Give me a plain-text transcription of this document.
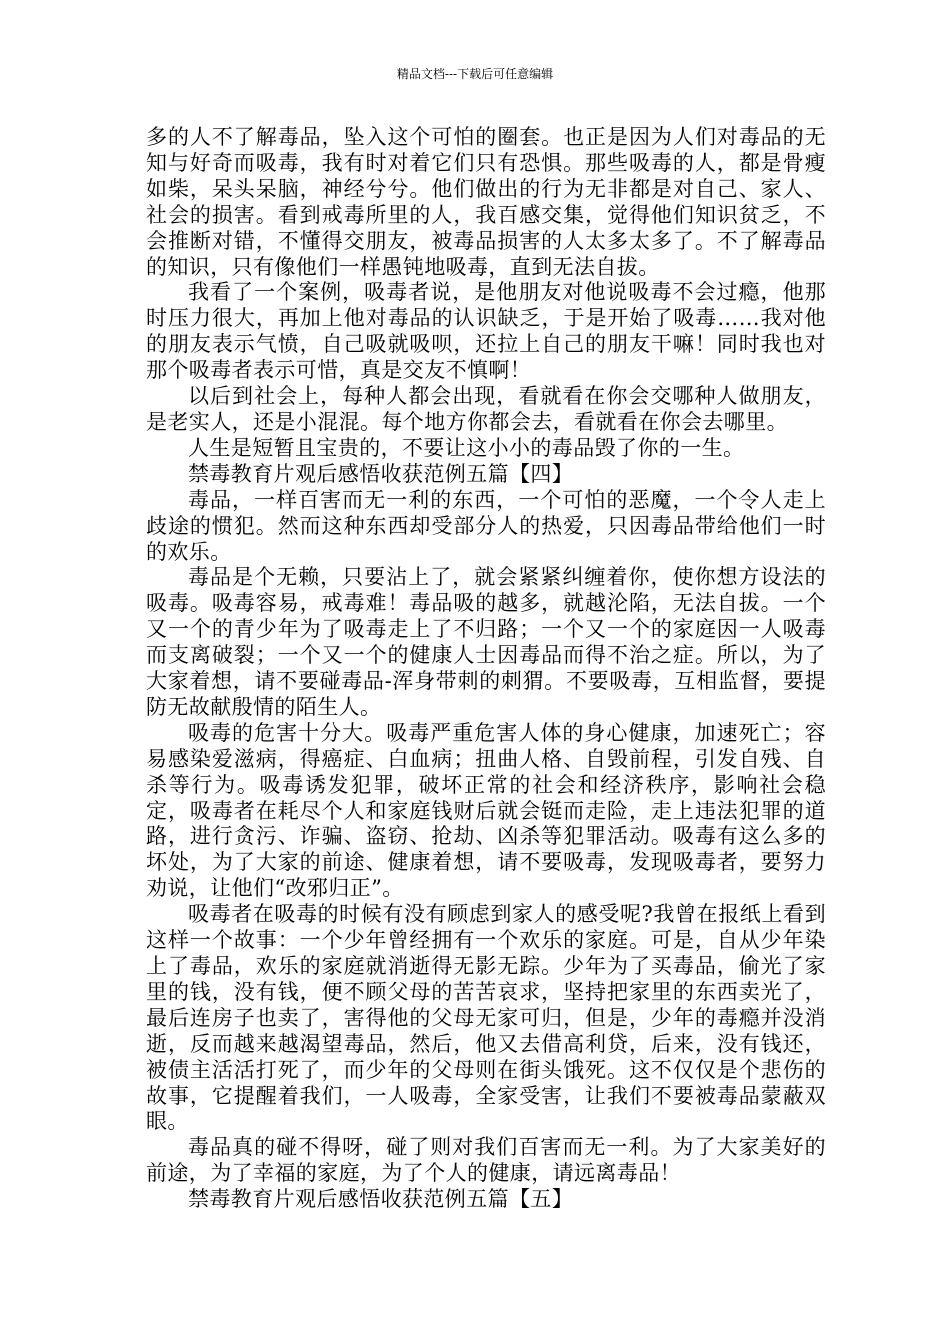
精品文档---下载后可任意编辑

多的人不了解毒品，坠入这个可怕的圈套。也正是因为人们对毒品的无知与好奇而吸毒，我有时对着它们只有恐惧。那些吸毒的人，都是骨瘦如柴，呆头呆脑，神经兮兮。他们做出的行为无非都是对自己、家人、社会的损害。看到戒毒所里的人，我百感交集，觉得他们知识贫乏，不会推断对错，不懂得交朋友，被毒品损害的人太多太多了。不了解毒品的知识，只有像他们一样愚钝地吸毒，直到无法自拔。

我看了一个案例，吸毒者说，是他朋友对他说吸毒不会过瘾，他那时压力很大，再加上他对毒品的认识缺乏，于是开始了吸毒……我对他的朋友表示气愤，自己吸就吸呗，还拉上自己的朋友干嘛！同时我也对那个吸毒者表示可惜，真是交友不慎啊！

以后到社会上，每种人都会出现，看就看在你会交哪种人做朋友，是老实人，还是小混混。每个地方你都会去，看就看在你会去哪里。

人生是短暂且宝贵的，不要让这小小的毒品毁了你的一生。

禁毒教育片观后感悟收获范例五篇【四】

毒品，一样百害而无一利的东西，一个可怕的恶魔，一个令人走上歧途的惯犯。然而这种东西却受部分人的热爱，只因毒品带给他们一时的欢乐。

毒品是个无赖，只要沾上了，就会紧紧纠缠着你，使你想方设法的吸毒。吸毒容易，戒毒难！毒品吸的越多，就越沦陷，无法自拔。一个又一个的青少年为了吸毒走上了不归路；一个又一个的家庭因一人吸毒而支离破裂；一个又一个的健康人士因毒品而得不治之症。所以，为了大家着想，请不要碰毒品-浑身带刺的刺猬。不要吸毒，互相监督，要提防无故献殷情的陌生人。

吸毒的危害十分大。吸毒严重危害人体的身心健康，加速死亡；容易感染爱滋病，得癌症、白血病；扭曲人格、自毁前程，引发自残、自杀等行为。吸毒诱发犯罪，破坏正常的社会和经济秩序，影响社会稳定，吸毒者在耗尽个人和家庭钱财后就会铤而走险，走上违法犯罪的道路，进行贪污、诈骗、盗窃、抢劫、凶杀等犯罪活动。吸毒有这么多的坏处，为了大家的前途、健康着想，请不要吸毒，发现吸毒者，要努力劝说，让他们“改邪归正”。

吸毒者在吸毒的时候有没有顾虑到家人的感受呢?我曾在报纸上看到这样一个故事：一个少年曾经拥有一个欢乐的家庭。可是，自从少年染上了毒品，欢乐的家庭就消逝得无影无踪。少年为了买毒品，偷光了家里的钱，没有钱，便不顾父母的苦苦哀求，坚持把家里的东西卖光了，最后连房子也卖了，害得他的父母无家可归，但是，少年的毒瘾并没消逝，反而越来越渴望毒品，然后，他又去借高利贷，后来，没有钱还，被债主活活打死了，而少年的父母则在街头饿死。这不仅仅是个悲伤的故事，它提醒着我们，一人吸毒，全家受害，让我们不要被毒品蒙蔽双眼。

毒品真的碰不得呀，碰了则对我们百害而无一利。为了大家美好的前途，为了幸福的家庭，为了个人的健康，请远离毒品！

禁毒教育片观后感悟收获范例五篇【五】
